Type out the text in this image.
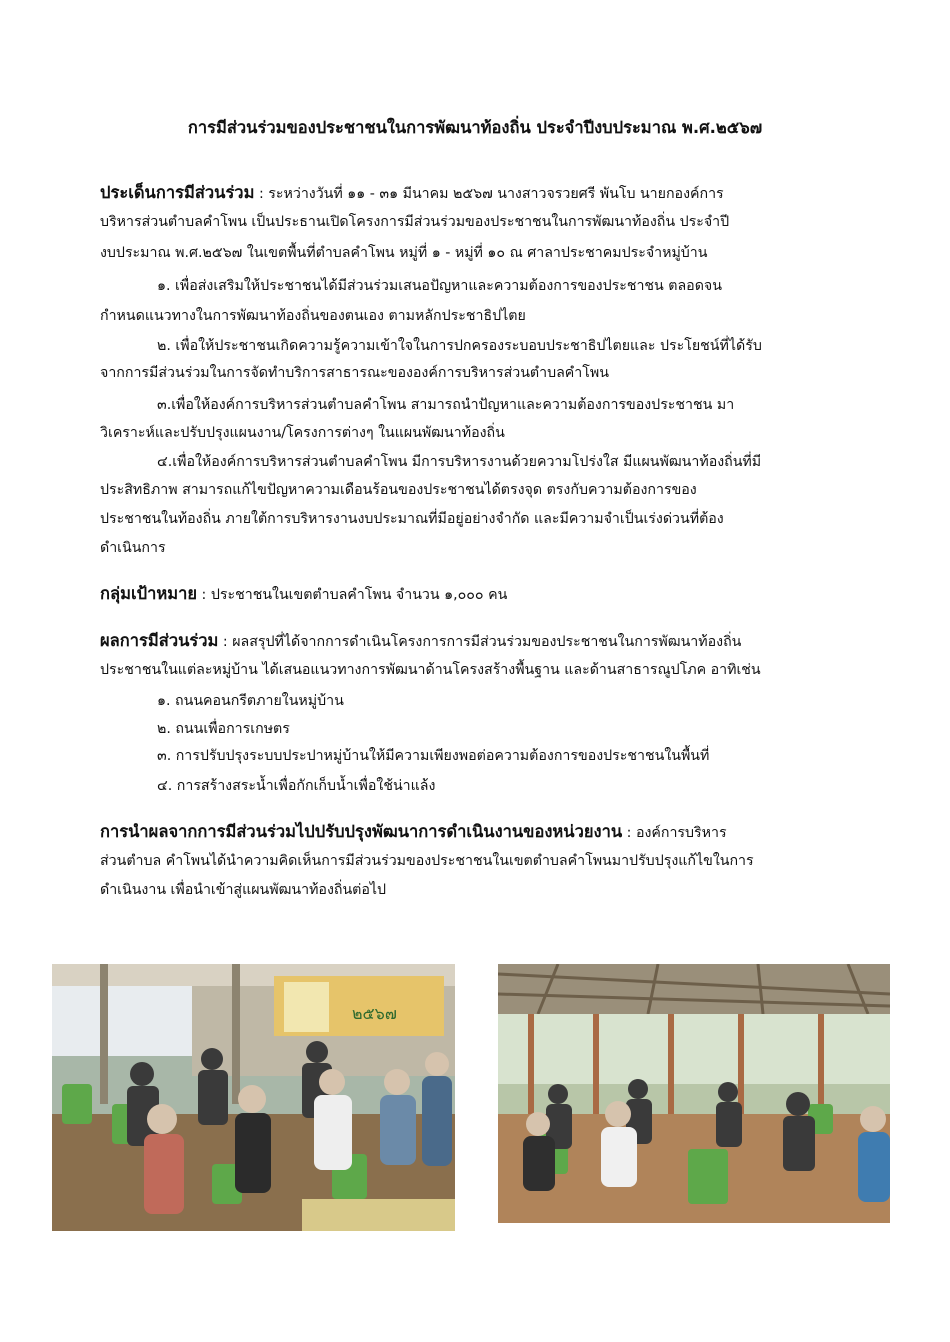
การมีส่วนร่วมของประชาชนในการพัฒนาท้องถิ่น ประจำปีงบประมาณ พ.ศ.๒๕๖๗
ประเด็นการมีส่วนร่วม : ระหว่างวันที่ ๑๑ - ๓๑ มีนาคม ๒๕๖๗ นางสาวจรวยศรี พันโบ นายกองค์การ
บริหารส่วนตำบลคำโพน เป็นประธานเปิดโครงการมีส่วนร่วมของประชาชนในการพัฒนาท้องถิ่น ประจำปี
งบประมาณ พ.ศ.๒๕๖๗ ในเขตพื้นที่ตำบลคำโพน หมู่ที่ ๑ - หมู่ที่ ๑๐ ณ ศาลาประชาคมประจำหมู่บ้าน
๑. เพื่อส่งเสริมให้ประชาชนได้มีส่วนร่วมเสนอปัญหาและความต้องการของประชาชน ตลอดจน
กำหนดแนวทางในการพัฒนาท้องถิ่นของตนเอง ตามหลักประชาธิปไตย
๒. เพื่อให้ประชาชนเกิดความรู้ความเข้าใจในการปกครองระบอบประชาธิปไตยและ ประโยชน์ที่ได้รับ
จากการมีส่วนร่วมในการจัดทำบริการสาธารณะขององค์การบริหารส่วนตำบลคำโพน
๓.เพื่อให้องค์การบริหารส่วนตำบลคำโพน สามารถนำปัญหาและความต้องการของประชาชน มา
วิเคราะห์และปรับปรุงแผนงาน/โครงการต่างๆ ในแผนพัฒนาท้องถิ่น
๔.เพื่อให้องค์การบริหารส่วนตำบลคำโพน มีการบริหารงานด้วยความโปร่งใส มีแผนพัฒนาท้องถิ่นที่มี
ประสิทธิภาพ สามารถแก้ไขปัญหาความเดือนร้อนของประชาชนได้ตรงจุด ตรงกับความต้องการของ
ประชาชนในท้องถิ่น ภายใต้การบริหารงานงบประมาณที่มีอยู่อย่างจำกัด และมีความจำเป็นเร่งด่วนที่ต้อง
ดำเนินการ
กลุ่มเป้าหมาย : ประชาชนในเขตตำบลคำโพน จำนวน ๑,๐๐๐ คน
ผลการมีส่วนร่วม : ผลสรุปที่ได้จากการดำเนินโครงการการมีส่วนร่วมของประชาชนในการพัฒนาท้องถิ่น
ประชาชนในแต่ละหมู่บ้าน ได้เสนอแนวทางการพัฒนาด้านโครงสร้างพื้นฐาน และด้านสาธารณูปโภค อาทิเช่น
๑. ถนนคอนกรีตภายในหมู่บ้าน
๒. ถนนเพื่อการเกษตร
๓. การปรับปรุงระบบประปาหมู่บ้านให้มีความเพียงพอต่อความต้องการของประชาชนในพื้นที่
๔. การสร้างสระน้ำเพื่อกักเก็บน้ำเพื่อใช้น่าแล้ง
การนำผลจากการมีส่วนร่วมไปปรับปรุงพัฒนาการดำเนินงานของหน่วยงาน : องค์การบริหาร
ส่วนตำบล คำโพนได้นำความคิดเห็นการมีส่วนร่วมของประชาชนในเขตตำบลคำโพนมาปรับปรุงแก้ไขในการ
ดำเนินงาน เพื่อนำเข้าสู่แผนพัฒนาท้องถิ่นต่อไป
๒๕๖๗
